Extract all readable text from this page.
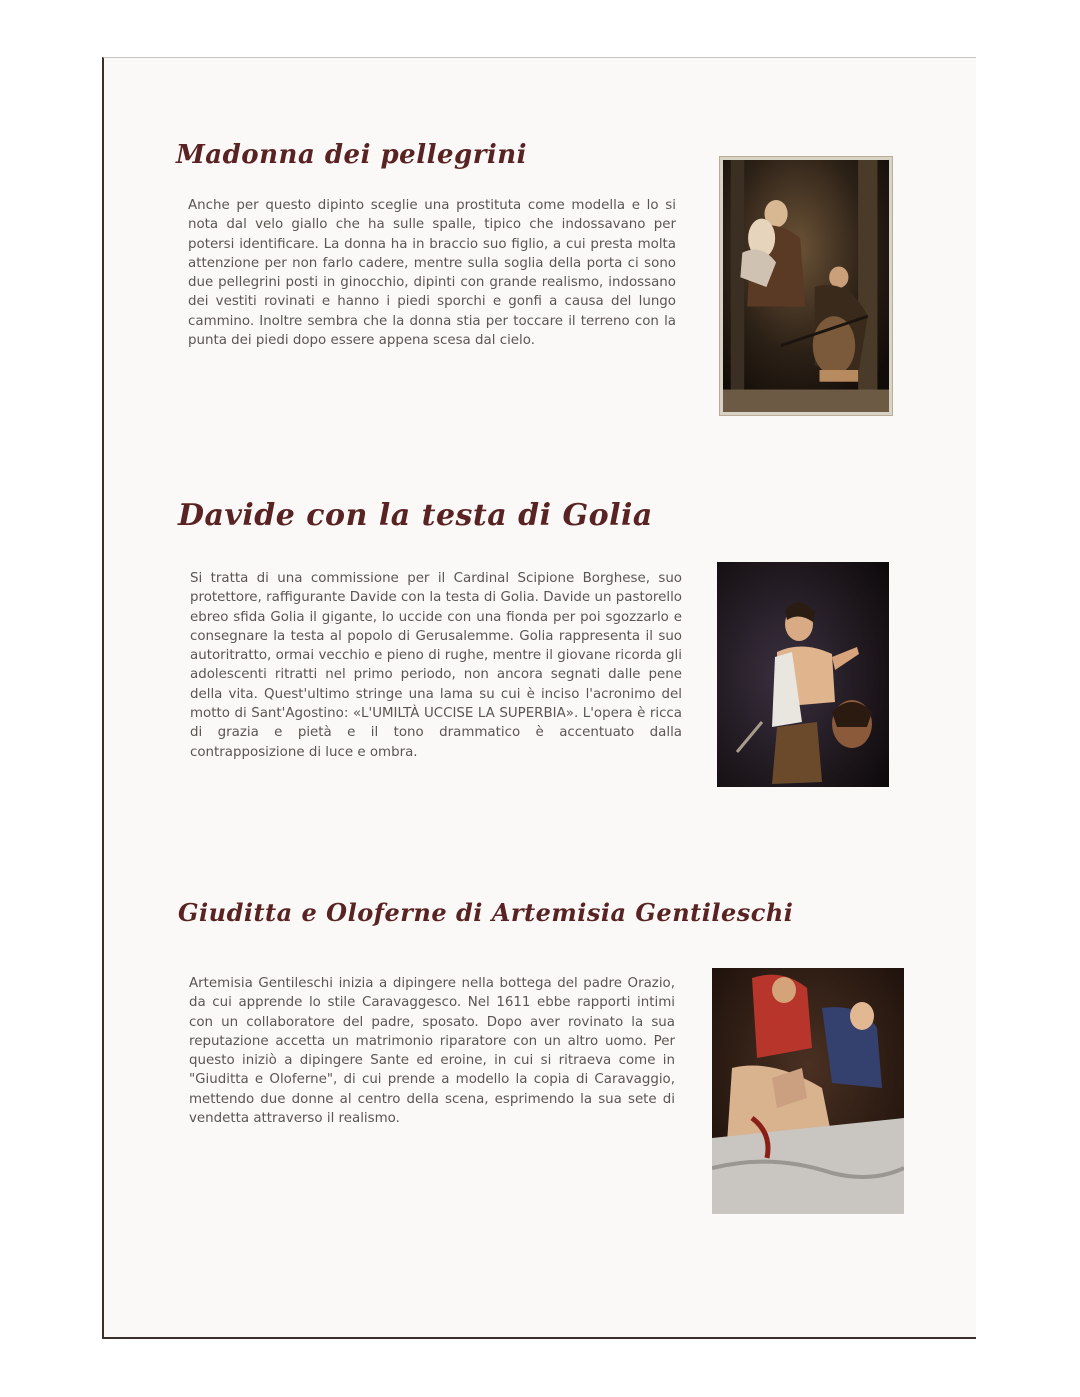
Madonna dei pellegrini

Anche per questo dipinto sceglie una prostituta come modella e lo si nota dal velo giallo che ha sulle spalle, tipico che indossavano per potersi identificare. La donna ha in braccio suo figlio, a cui presta molta attenzione per non farlo cadere, mentre sulla soglia della porta ci sono due pellegrini posti in ginocchio, dipinti con grande realismo, indossano dei vestiti rovinati e hanno i piedi sporchi e gonfi a causa del lungo cammino. Inoltre sembra che la donna stia per toccare il terreno con la punta dei piedi dopo essere appena scesa dal cielo.

Davide con la testa di Golia

Si tratta di una commissione per il Cardinal Scipione Borghese, suo protettore, raffigurante Davide con la testa di Golia. Davide un pastorello ebreo sfida Golia il gigante, lo uccide con una fionda per poi sgozzarlo e consegnare la testa al popolo di Gerusalemme. Golia rappresenta il suo autoritratto, ormai vecchio e pieno di rughe, mentre il giovane ricorda gli adolescenti ritratti nel primo periodo, non ancora segnati dalle pene della vita. Quest'ultimo stringe una lama su cui è inciso l'acronimo del motto di Sant'Agostino: «L'UMILTÀ UCCISE LA SUPERBIA». L'opera è ricca di grazia e pietà e il tono drammatico è accentuato dalla contrapposizione di luce e ombra.

Giuditta e Oloferne di Artemisia Gentileschi

Artemisia Gentileschi inizia a dipingere nella bottega del padre Orazio, da cui apprende lo stile Caravaggesco. Nel 1611 ebbe rapporti intimi con un collaboratore del padre, sposato. Dopo aver rovinato la sua reputazione accetta un matrimonio riparatore con un altro uomo. Per questo iniziò a dipingere Sante ed eroine, in cui si ritraeva come in "Giuditta e Oloferne", di cui prende a modello la copia di Caravaggio, mettendo due donne al centro della scena, esprimendo la sua sete di vendetta attraverso il realismo.
